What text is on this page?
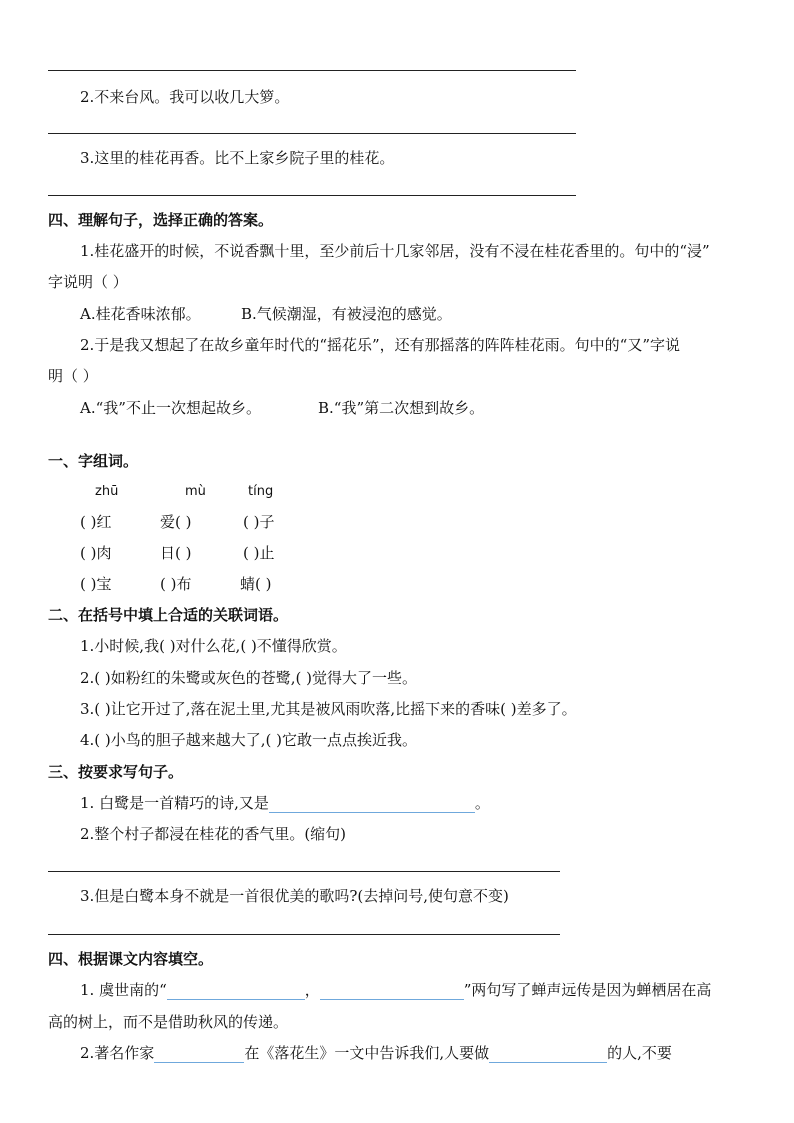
2.不来台风。我可以收几大箩。
3.这里的桂花再香。比不上家乡院子里的桂花。
四、理解句子，选择正确的答案。
1.桂花盛开的时候，不说香飘十里，至少前后十几家邻居，没有不浸在桂花香里的。句中的“浸”
字说明（ ）
A.桂花香味浓郁。	B.气候潮湿，有被浸泡的感觉。
2.于是我又想起了在故乡童年时代的“摇花乐”，还有那摇落的阵阵桂花雨。句中的“又”字说
明（ ）
A.“我”不止一次想起故乡。	B.“我”第二次想到故乡。
一、字组词。
zhū	mù	tíng
( )红	爱( )	( )子
( )肉	日( )	( )止
( )宝	( )布	蜻( )
二、在括号中填上合适的关联词语。
1.小时候,我( )对什么花,( )不懂得欣赏。
2.( )如粉红的朱鹭或灰色的苍鹭,( )觉得大了一些。
3.( )让它开过了,落在泥土里,尤其是被风雨吹落,比摇下来的香味( )差多了。
4.( )小鸟的胆子越来越大了,( )它敢一点点挨近我。
三、按要求写句子。
1. 白鹭是一首精巧的诗,又是	。
2.整个村子都浸在桂花的香气里。(缩句)
3.但是白鹭本身不就是一首很优美的歌吗?(去掉问号,使句意不变)
四、根据课文内容填空。
1. 虞世南的“	，	”两句写了蝉声远传是因为蝉栖居在高
高的树上，而不是借助秋风的传递。
2.著名作家	在《落花生》一文中告诉我们,人要做	的人,不要
